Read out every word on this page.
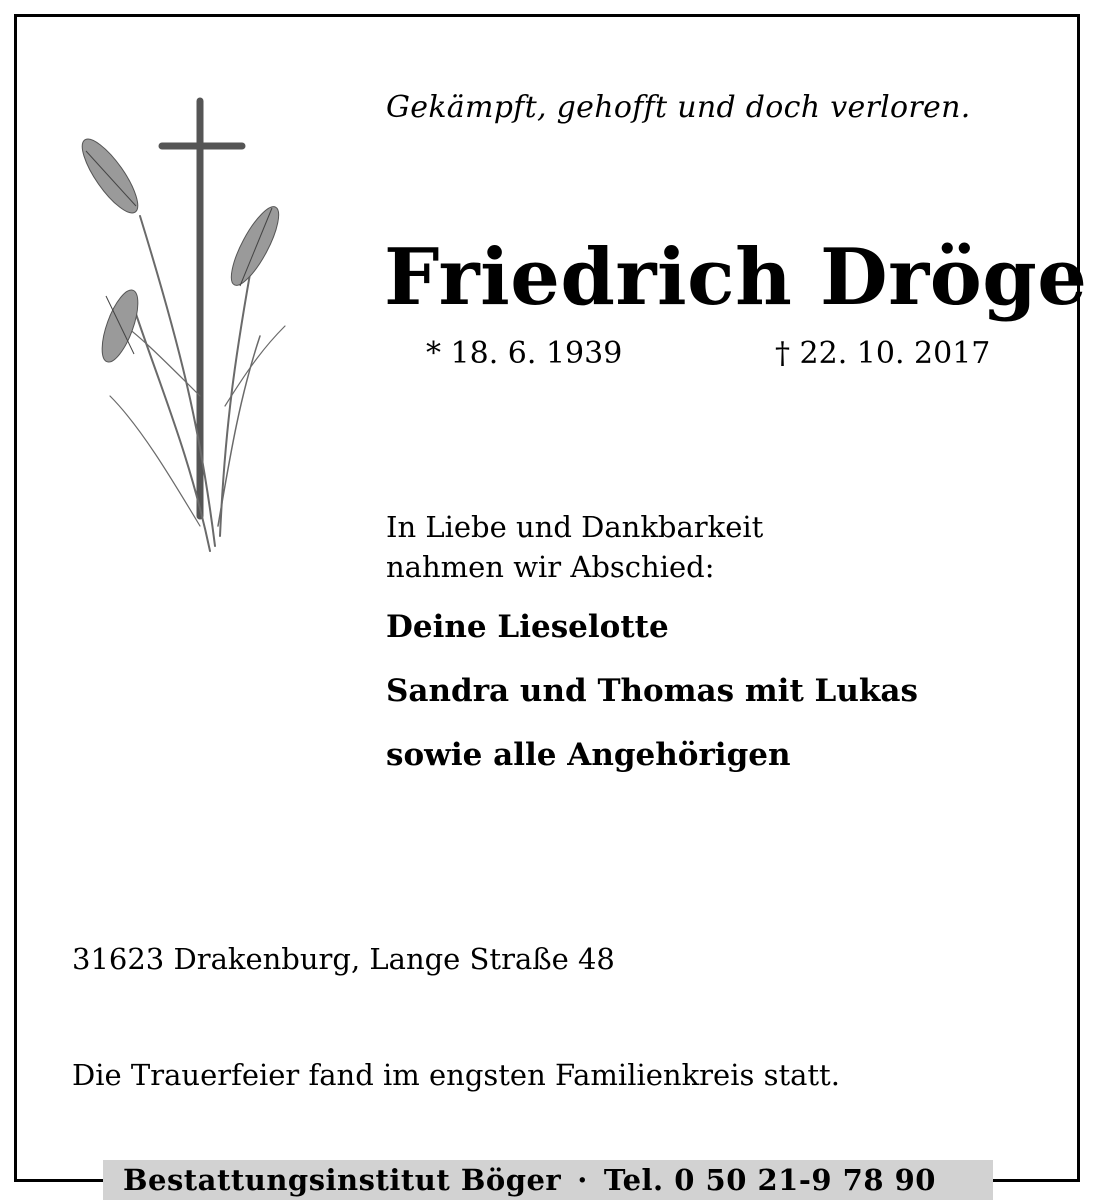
Gekämpft, gehofft und doch verloren.
Friedrich Dröge
* 18. 6. 1939	† 22. 10. 2017
In Liebe und Dankbarkeit
nahmen wir Abschied:
Deine Lieselotte
Sandra und Thomas mit Lukas
sowie alle Angehörigen
31623 Drakenburg, Lange Straße 48
Die Trauerfeier fand im engsten Familienkreis statt.
Bestattungsinstitut Böger · Tel. 0 50 21-9 78 90
